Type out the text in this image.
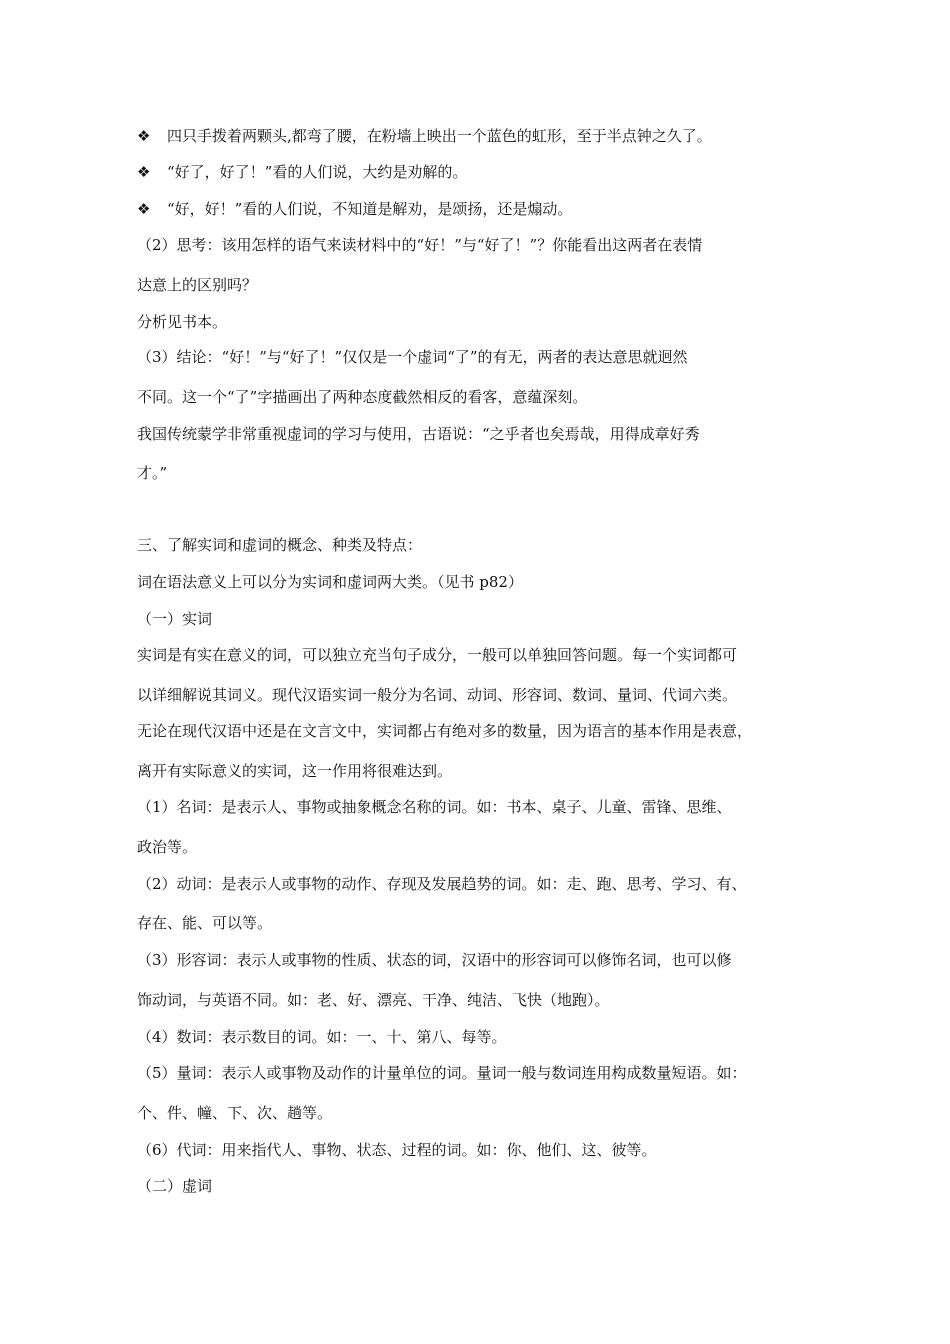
❖ 四只手拨着两颗头,都弯了腰，在粉墙上映出一个蓝色的虹形，至于半点钟之久了。
❖ “好了，好了！”看的人们说，大约是劝解的。
❖ “好，好！”看的人们说，不知道是解劝，是颂扬，还是煽动。
（2）思考：该用怎样的语气来读材料中的“好！”与“好了！”？你能看出这两者在表情
达意上的区别吗？
分析见书本。
（3）结论：“好！”与“好了！”仅仅是一个虚词“了”的有无，两者的表达意思就迥然
不同。这一个“了”字描画出了两种态度截然相反的看客，意蕴深刻。
我国传统蒙学非常重视虚词的学习与使用，古语说：“之乎者也矣焉哉，用得成章好秀
才。”
三、了解实词和虚词的概念、种类及特点：
词在语法意义上可以分为实词和虚词两大类。（见书 p82）
（一）实词
实词是有实在意义的词，可以独立充当句子成分，一般可以单独回答问题。每一个实词都可
以详细解说其词义。现代汉语实词一般分为名词、动词、形容词、数词、量词、代词六类。
无论在现代汉语中还是在文言文中，实词都占有绝对多的数量，因为语言的基本作用是表意，
离开有实际意义的实词，这一作用将很难达到。
（1）名词：是表示人、事物或抽象概念名称的词。如：书本、桌子、儿童、雷锋、思维、
政治等。
（2）动词：是表示人或事物的动作、存现及发展趋势的词。如：走、跑、思考、学习、有、
存在、能、可以等。
（3）形容词：表示人或事物的性质、状态的词，汉语中的形容词可以修饰名词，也可以修
饰动词，与英语不同。如：老、好、漂亮、干净、纯洁、飞快（地跑）。
（4）数词：表示数目的词。如：一、十、第八、每等。
（5）量词：表示人或事物及动作的计量单位的词。量词一般与数词连用构成数量短语。如：
个、件、幢、下、次、趟等。
（6）代词：用来指代人、事物、状态、过程的词。如：你、他们、这、彼等。
（二）虚词
